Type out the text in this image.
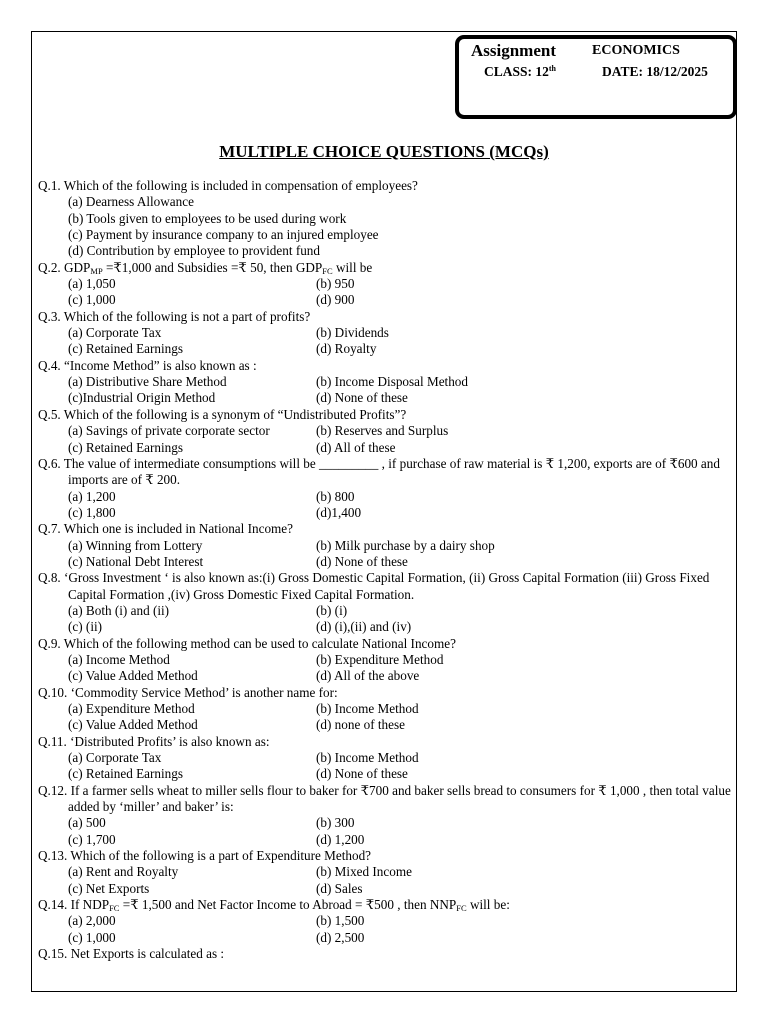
Assignment	ECONOMICS
CLASS: 12th	DATE: 18/12/2025
MULTIPLE CHOICE QUESTIONS (MCQs)
Q.1. Which of the following is included in compensation of employees?
(a) Dearness Allowance
(b) Tools given to employees to be used during work
(c) Payment by insurance company to an injured employee
(d) Contribution by employee to provident fund
Q.2. $GDP_{MP}$ =₹1,000 and Subsidies =₹ 50, then $GDP_{FC}$ will be
(a) 1,050	(b) 950
(c) 1,000	(d) 900
Q.3. Which of the following is not a part of profits?
(a) Corporate Tax	(b) Dividends
(c) Retained Earnings	(d) Royalty
Q.4. “Income Method” is also known as :
(a) Distributive Share Method	(b) Income Disposal Method
(c)Industrial Origin Method	(d) None of these
Q.5. Which of the following is a synonym of “Undistributed Profits”?
(a) Savings of private corporate sector	(b) Reserves and Surplus
(c) Retained Earnings	(d) All of these
Q.6. The value of intermediate consumptions will be _________ , if purchase of raw material is ₹ 1,200, exports are of ₹600 and imports are of ₹ 200.
(a) 1,200	(b) 800
(c) 1,800	(d)1,400
Q.7. Which one is included in National Income?
(a) Winning from Lottery	(b) Milk purchase by a dairy shop
(c) National Debt Interest	(d) None of these
Q.8. ‘Gross Investment ‘ is also known as:(i) Gross Domestic Capital Formation, (ii) Gross Capital Formation (iii) Gross Fixed Capital Formation ,(iv) Gross Domestic Fixed Capital Formation.
(a) Both (i) and (ii)	(b) (i)
(c) (ii)	(d) (i),(ii) and (iv)
Q.9. Which of the following method can be used to calculate National Income?
(a) Income Method	(b) Expenditure Method
(c) Value Added Method	(d) All of the above
Q.10. ‘Commodity Service Method’ is another name for:
(a) Expenditure Method	(b) Income Method
(c) Value Added Method	(d) none of these
Q.11. ‘Distributed Profits’ is also known as:
(a) Corporate Tax	(b) Income Method
(c) Retained Earnings	(d) None of these
Q.12. If a farmer sells wheat to miller sells flour to baker for ₹700 and baker sells bread to consumers for ₹ 1,000 , then total value added by ‘miller’ and baker’ is:
(a) 500	(b) 300
(c) 1,700	(d) 1,200
Q.13. Which of the following is a part of Expenditure Method?
(a) Rent and Royalty	(b) Mixed Income
(c) Net Exports	(d) Sales
Q.14. If $NDP_{FC}$ =₹ 1,500 and Net Factor Income to Abroad = ₹500 , then $NNP_{FC}$ will be:
(a) 2,000	(b) 1,500
(c) 1,000	(d) 2,500
Q.15. Net Exports is calculated as :
